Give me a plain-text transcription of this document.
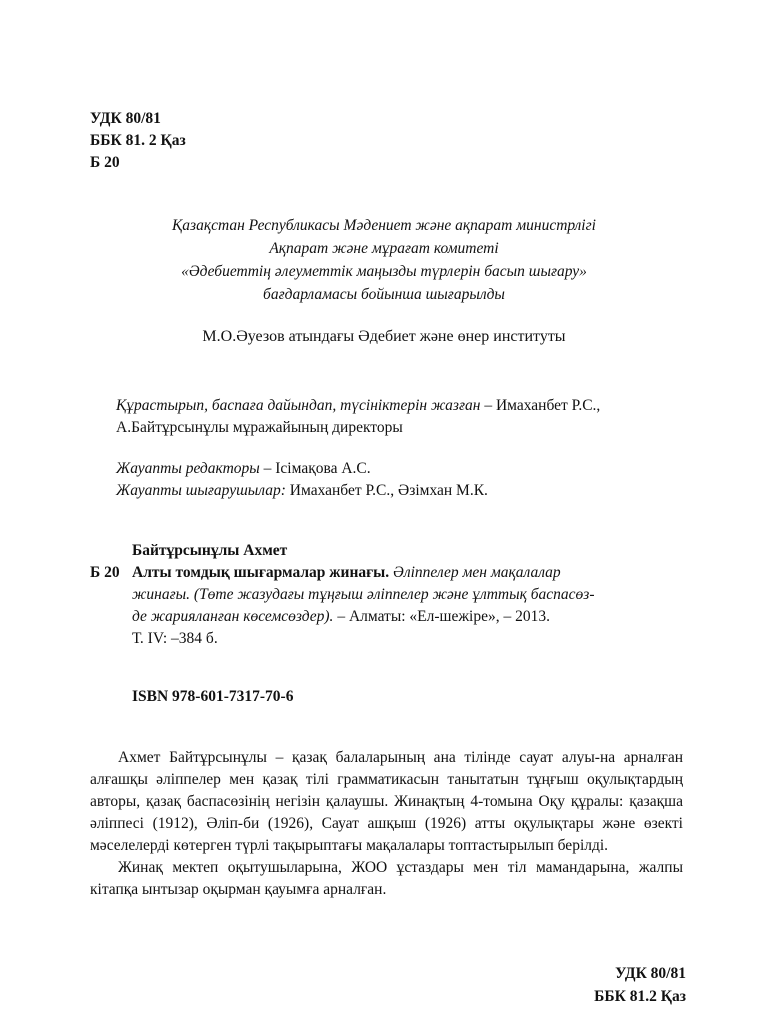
УДК 80/81
ББК 81. 2 Қаз
Б 20
Қазақстан Республикасы Мәдениет және ақпарат министрлігі
Ақпарат және мұрағат комитеті
«Әдебиеттің әлеуметтік маңызды түрлерін басып шығару»
бағдарламасы бойынша шығарылды
М.О.Әуезов атындағы Әдебиет және өнер институты
Құрастырып, баспаға дайындап, түсініктерін жазған – Имаханбет Р.С.,
А.Байтұрсынұлы мұражайының директоры
Жауапты редакторы – Ісімақова А.С.
Жауапты шығарушылар: Имаханбет Р.С., Әзімхан М.К.
Байтұрсынұлы Ахмет
Б 20 Алты томдық шығармалар жинағы. Әліппелер мен мақалалар
жинағы. (Төте жазудағы тұңғыш әліппелер және ұлттық баспасөз-
де жарияланған көсемсөздер). – Алматы: «Ел-шежіре», – 2013.
Т. IV: –384 б.
ISBN 978-601-7317-70-6

Ахмет Байтұрсынұлы – қазақ балаларының ана тілінде сауат алуы-на арналған алғашқы әліппелер мен қазақ тілі грамматикасын танытатын тұңғыш оқулықтардың авторы, қазақ баспасөзінің негізін қалаушы. Жинақтың 4-томына Оқу құралы: қазақша әліппесі (1912), Әліп-би (1926), Сауат ашқыш (1926) атты оқулықтары және өзекті мәселелерді көтерген түрлі тақырыптағы мақалалары топтастырылып берілді.

Жинақ мектеп оқытушыларына, ЖОО ұстаздары мен тіл мамандарына, жалпы кітапқа ынтызар оқырман қауымға арналған.

УДК 80/81
ББК 81.2 Қаз
